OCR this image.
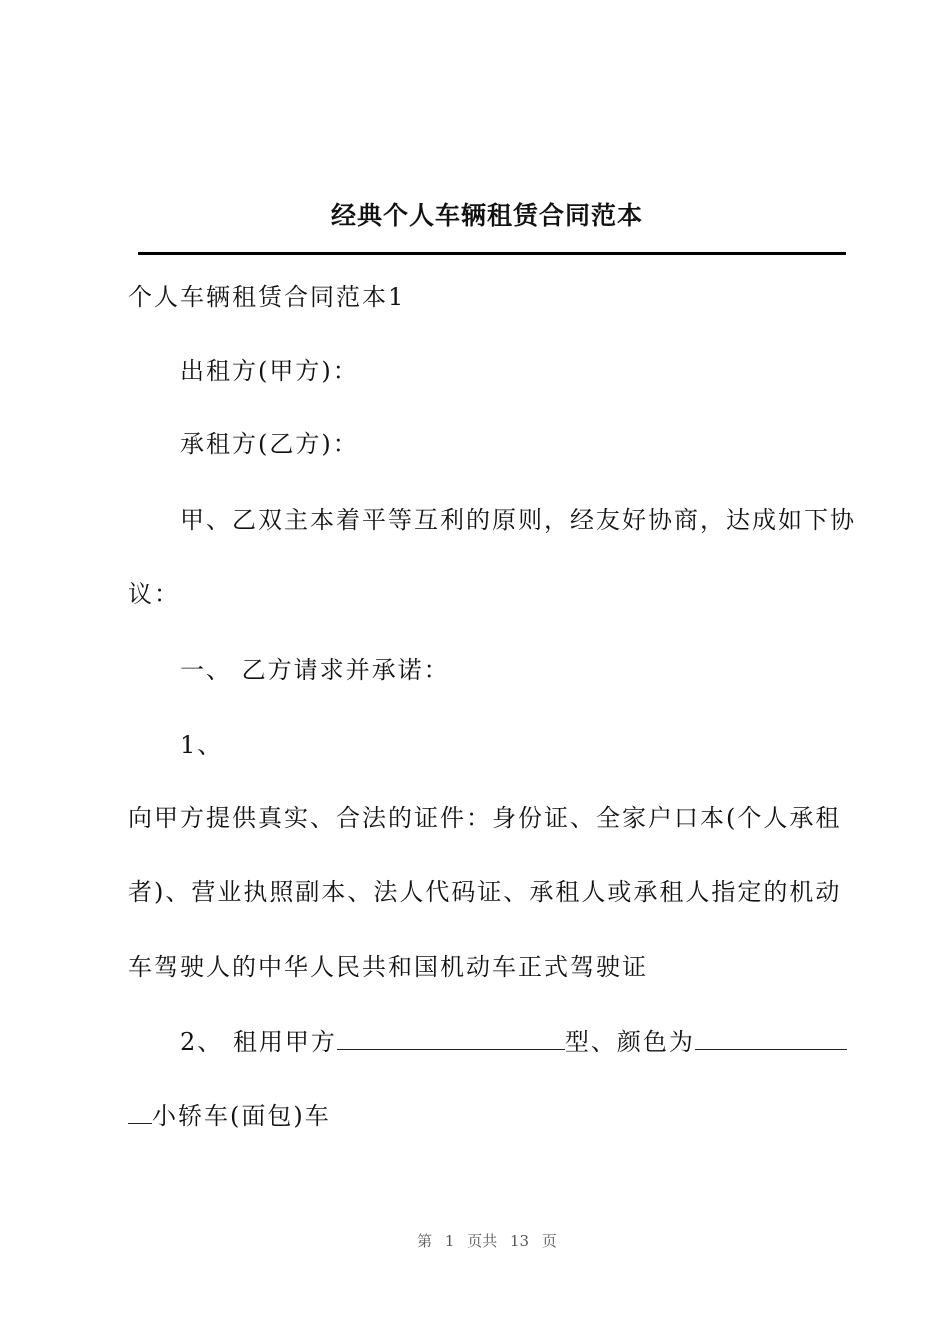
经典个人车辆租赁合同范本
个人车辆租赁合同范本1
出租方(甲方)：
承租方(乙方)：
甲、乙双主本着平等互利的原则，经友好协商，达成如下协
议：
一、 乙方请求并承诺：
1、
向甲方提供真实、合法的证件：身份证、全家户口本(个人承租
者)、营业执照副本、法人代码证、承租人或承租人指定的机动
车驾驶人的中华人民共和国机动车正式驾驶证
2、 租用甲方	型、颜色为
小轿车(面包)车
第 1 页共 13 页
